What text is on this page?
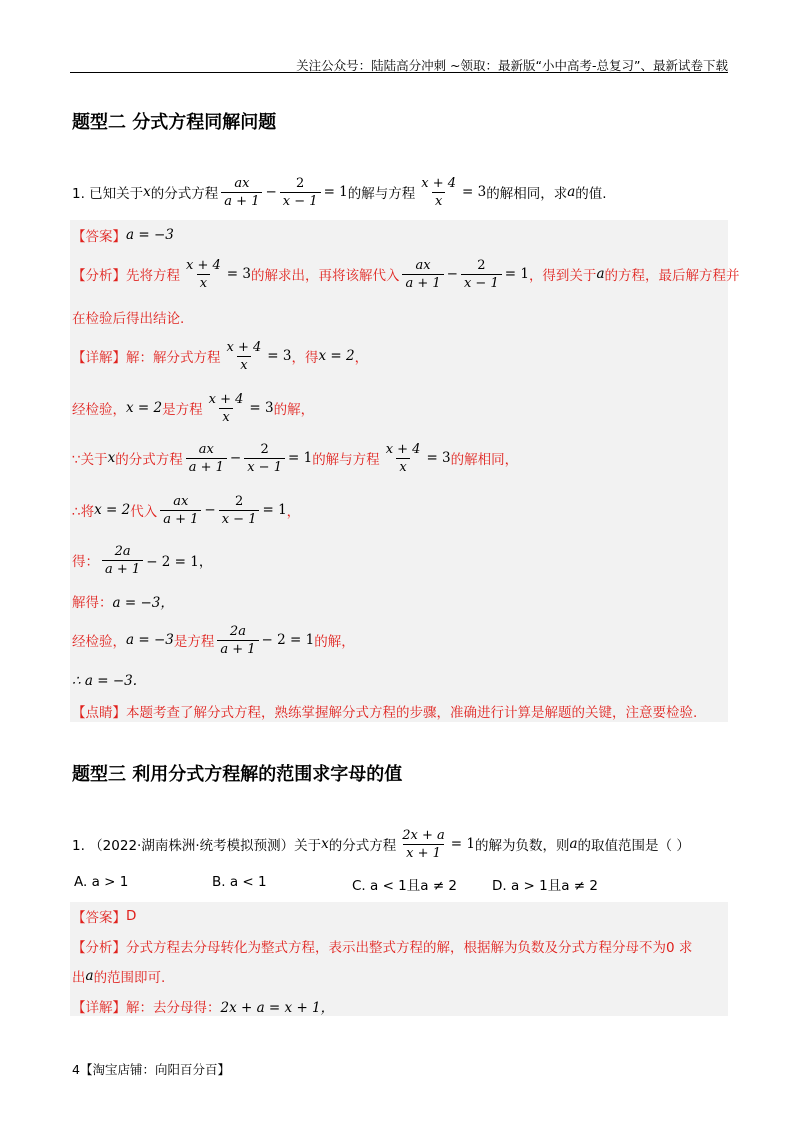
关注公众号：陆陆高分冲刺 ~领取：最新版“小中高考-总复习”、最新试卷下载
题型二 分式方程同解问题
1. 已知关于 x 的分式方程 $\frac{ax}{a + 1} - \frac{2}{x - 1} = 1$ 的解与方程 $\frac{x + 4}{x} = 3$ 的解相同，求 a 的值.
【答案】 a = −3
【分析】 先将方程 $\frac{x + 4}{x} = 3$ 的解求出，再将该解代入 $\frac{ax}{a + 1} - \frac{2}{x - 1} = 1$ ，得到关于 a 的方程，最后解方程并
在检验后得出结论.
【详解】 解：解分式方程 $\frac{x + 4}{x} = 3$ ，得 x = 2 ，
经检验， x = 2 是方程 $\frac{x + 4}{x} = 3$ 的解，
∵关于 x 的分式方程 $\frac{ax}{a + 1} - \frac{2}{x - 1} = 1$ 的解与方程 $\frac{x + 4}{x} = 3$ 的解相同，
∴将 x = 2 代入 $\frac{ax}{a + 1} - \frac{2}{x - 1} = 1$ ，
得： $\frac{2a}{a + 1} - 2 = 1$，
解得： a = −3，
经检验， a = −3 是方程 $\frac{2a}{a + 1} - 2 = 1$ 的解，
∴ a = −3.
【点睛】 本题考查了解分式方程，熟练掌握解分式方程的步骤，准确进行计算是解题的关键，注意要检验.
题型三 利用分式方程解的范围求字母的值
1. （2022·湖南株洲·统考模拟预测）关于 x 的分式方程 $\frac{2x + a}{x + 1} = 1$ 的解为负数，则 a 的取值范围是（ ）
A. a > 1	B. a < 1	C. a < 1且a ≠ 2	D. a > 1且a ≠ 2
【答案】 D
【分析】 分式方程去分母转化为整式方程，表示出整式方程的解，根据解为负数及分式方程分母不为0 求
出 a 的范围即可.
【详解】 解：去分母得： 2x + a = x + 1，
4【淘宝店铺：向阳百分百】
